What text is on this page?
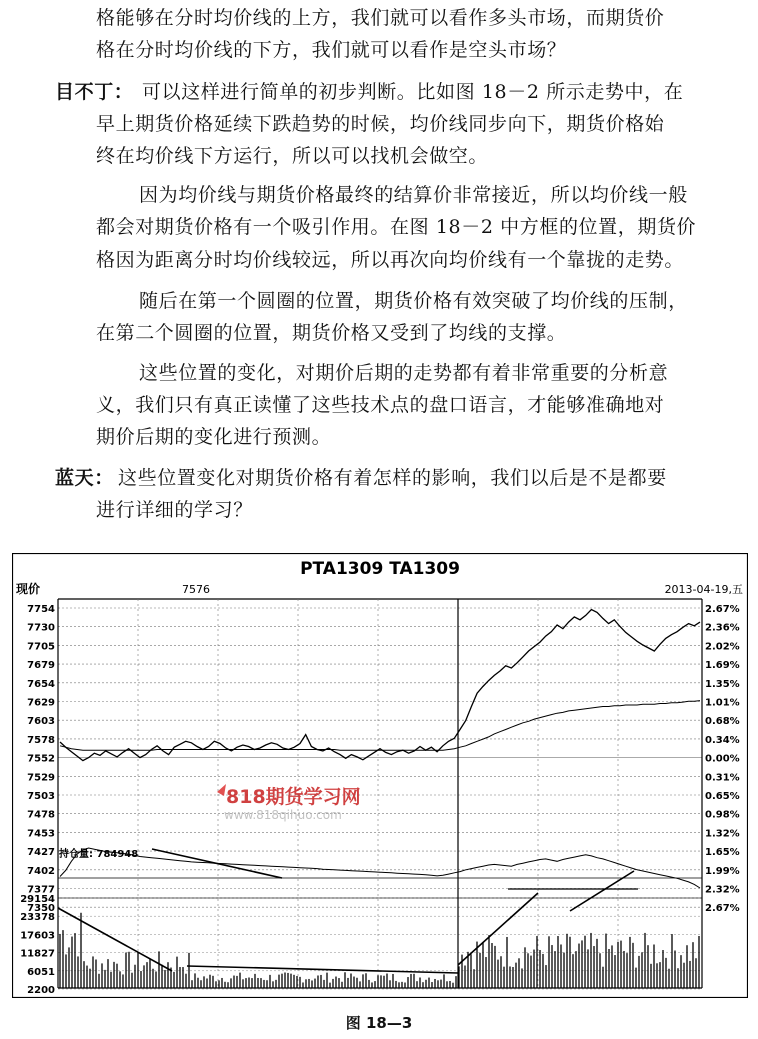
格能够在分时均价线的上方，我们就可以看作多头市场，而期货价
格在分时均价线的下方，我们就可以看作是空头市场？
目不丁： 可以这样进行简单的初步判断。比如图 18－2 所示走势中，在
早上期货价格延续下跌趋势的时候，均价线同步向下，期货价格始
终在均价线下方运行，所以可以找机会做空。
因为均价线与期货价格最终的结算价非常接近，所以均价线一般
都会对期货价格有一个吸引作用。在图 18－2 中方框的位置，期货价
格因为距离分时均价线较远，所以再次向均价线有一个靠拢的走势。
随后在第一个圆圈的位置，期货价格有效突破了均价线的压制，
在第二个圆圈的位置，期货价格又受到了均线的支撑。
这些位置的变化，对期价后期的走势都有着非常重要的分析意
义，我们只有真正读懂了这些技术点的盘口语言，才能够准确地对
期价后期的变化进行预测。
蓝天： 这些位置变化对期货价格有着怎样的影响，我们以后是不是都要
进行详细的学习？
PTA1309 TA1309
现价	7576	2013-04-19,五
7754
7730
7705
7679
7654
7629
7603
7578
7552
7529
7503
7478
7453
7427
7402
7377
7350
2.67%
2.36%
2.02%
1.69%
1.35%
1.01%
0.68%
0.34%
0.00%
0.31%
0.65%
0.98%
1.32%
1.65%
1.99%
2.32%
2.67%
29154
23378
17603
11827
6051
2200
持仓量: 784948
818期货学习网
www.818qihuo.com
图 18—3
